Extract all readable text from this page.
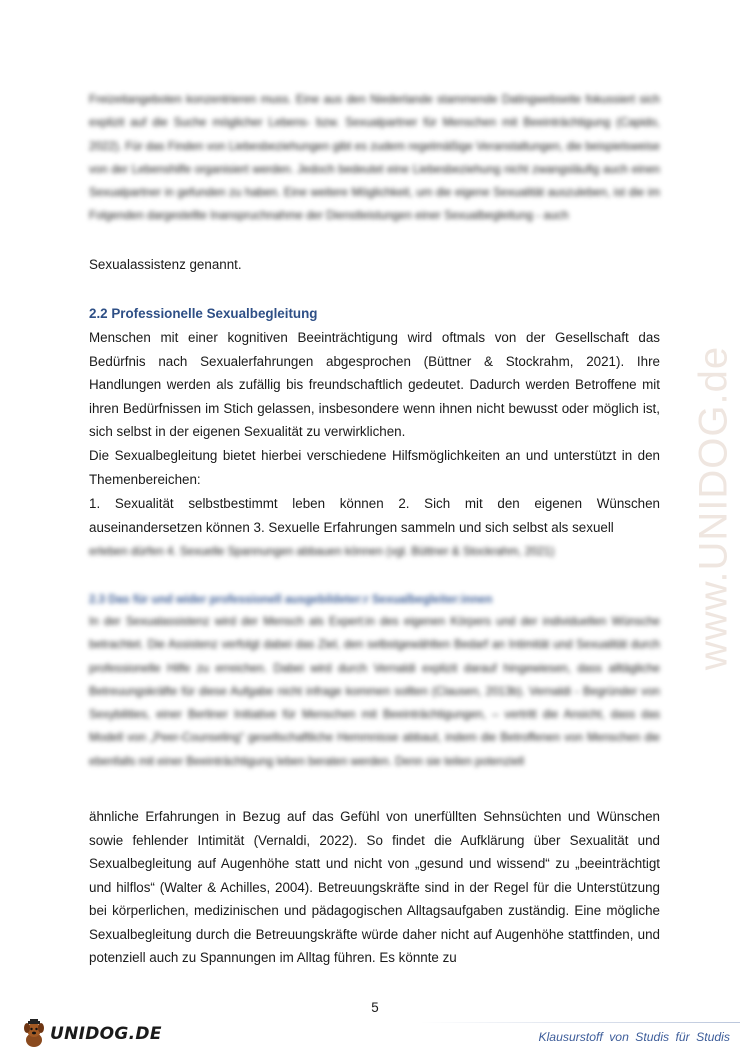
Freizeitangeboten konzentrieren muss. Eine aus den Niederlande stammende Datingwebseite fokussiert sich explizit auf die Suche möglicher Lebens- bzw. Sexualpartner für Menschen mit Beeinträchtigung (Capido, 2022). Für das Finden von Liebesbeziehungen gibt es zudem regelmäßige Veranstaltungen, die beispielsweise von der Lebenshilfe organisiert werden. Jedoch bedeutet eine Liebesbeziehung nicht zwangsläufig auch einen Sexualpartner in gefunden zu haben. Eine weitere Möglichkeit, um die eigene Sexualität auszuleben, ist die im Folgenden dargestellte Inanspruchnahme der Dienstleistungen einer Sexualbegleitung - auch

Sexualassistenz genannt.

2.2 Professionelle Sexualbegleitung

Menschen mit einer kognitiven Beeinträchtigung wird oftmals von der Gesellschaft das Bedürfnis nach Sexualerfahrungen abgesprochen (Büttner & Stockrahm, 2021). Ihre Handlungen werden als zufällig bis freundschaftlich gedeutet. Dadurch werden Betroffene mit ihren Bedürfnissen im Stich gelassen, insbesondere wenn ihnen nicht bewusst oder möglich ist, sich selbst in der eigenen Sexualität zu verwirklichen.

Die Sexualbegleitung bietet hierbei verschiedene Hilfsmöglichkeiten an und unterstützt in den Themenbereichen:

1. Sexualität selbstbestimmt leben können 2. Sich mit den eigenen Wünschen auseinandersetzen können 3. Sexuelle Erfahrungen sammeln und sich selbst als sexuell

erleben dürfen 4. Sexuelle Spannungen abbauen können (vgl. Büttner & Stockrahm, 2021)

2.3 Das für und wider professionell ausgebildeter:r Sexualbegleiter:innen

In der Sexualassistenz wird der Mensch als Expert:in des eigenen Körpers und der individuellen Wünsche betrachtet. Die Assistenz verfolgt dabei das Ziel, den selbstgewählten Bedarf an Intimität und Sexualität durch professionelle Hilfe zu erreichen. Dabei wird durch Vernaldi explizit darauf hingewiesen, dass alltägliche Betreuungskräfte für diese Aufgabe nicht infrage kommen sollten (Clausen, 2013b). Vernaldi - Begründer von Sexybilities, einer Berliner Initiative für Menschen mit Beeinträchtigungen, – vertritt die Ansicht, dass das Modell von „Peer-Counseling“ gesellschaftliche Hemmnisse abbaut, indem die Betroffenen von Menschen die ebenfalls mit einer Beeinträchtigung leben beraten werden. Denn sie teilen potenziell

ähnliche Erfahrungen in Bezug auf das Gefühl von unerfüllten Sehnsüchten und Wünschen sowie fehlender Intimität (Vernaldi, 2022). So findet die Aufklärung über Sexualität und Sexualbegleitung auf Augenhöhe statt und nicht von „gesund und wissend“ zu „beeinträchtigt und hilflos“ (Walter & Achilles, 2004). Betreuungskräfte sind in der Regel für die Unterstützung bei körperlichen, medizinischen und pädagogischen Alltagsaufgaben zuständig. Eine mögliche Sexualbegleitung durch die Betreuungskräfte würde daher nicht auf Augenhöhe stattfinden, und potenziell auch zu Spannungen im Alltag führen. Es könnte zu

www.UNIDOG.de
5
UNIDOG.DE	Klausurstoff von Studis für Studis
